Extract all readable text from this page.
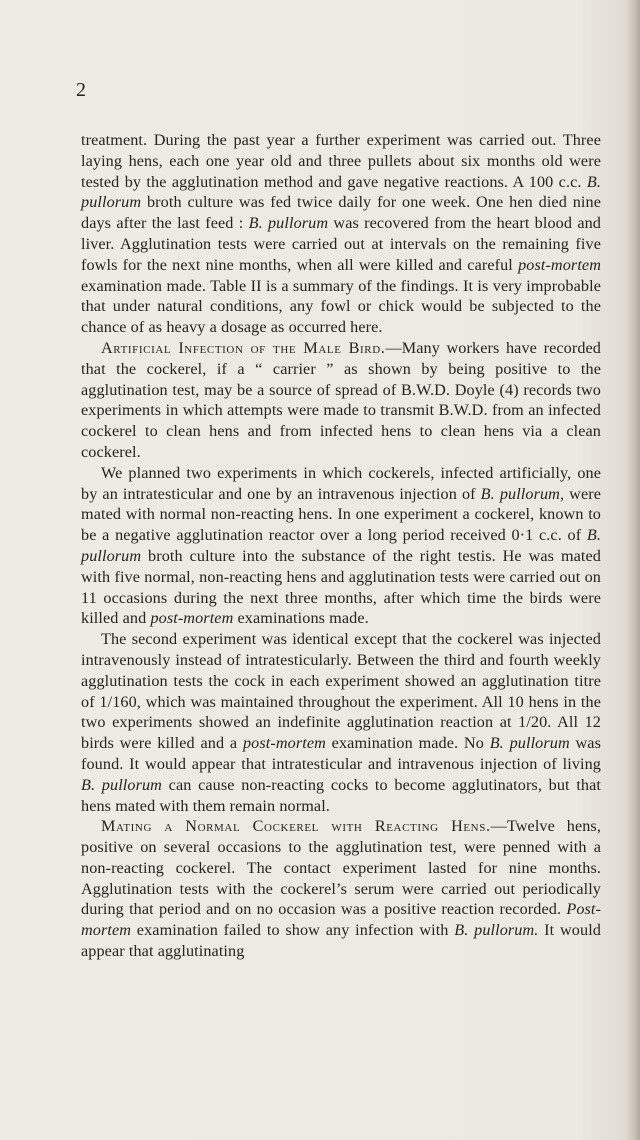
2

treatment. During the past year a further experiment was carried out. Three laying hens, each one year old and three pullets about six months old were tested by the agglutination method and gave negative reactions. A 100 c.c. B. pullorum broth culture was fed twice daily for one week. One hen died nine days after the last feed : B. pullorum was recovered from the heart blood and liver. Agglutination tests were carried out at intervals on the remaining five fowls for the next nine months, when all were killed and careful post-mortem examination made. Table II is a summary of the findings. It is very improbable that under natural conditions, any fowl or chick would be subjected to the chance of as heavy a dosage as occurred here.

Artificial Infection of the Male Bird.—Many workers have recorded that the cockerel, if a “ carrier ” as shown by being positive to the agglutination test, may be a source of spread of B.W.D. Doyle (4) records two experiments in which attempts were made to transmit B.W.D. from an infected cockerel to clean hens and from infected hens to clean hens via a clean cockerel.

We planned two experiments in which cockerels, infected artificially, one by an intratesticular and one by an intravenous injection of B. pullorum, were mated with normal non-reacting hens. In one experiment a cockerel, known to be a negative agglutination reactor over a long period received 0·1 c.c. of B. pullorum broth culture into the substance of the right testis. He was mated with five normal, non-reacting hens and agglutination tests were carried out on 11 occasions during the next three months, after which time the birds were killed and post-mortem examinations made.

The second experiment was identical except that the cockerel was injected intravenously instead of intratesticularly. Between the third and fourth weekly agglutination tests the cock in each experiment showed an agglutination titre of 1/160, which was maintained throughout the experiment. All 10 hens in the two experiments showed an indefinite agglutination reaction at 1/20. All 12 birds were killed and a post-mortem examination made. No B. pullorum was found. It would appear that intratesticular and intravenous injection of living B. pullorum can cause non-reacting cocks to become agglutinators, but that hens mated with them remain normal.

Mating a Normal Cockerel with Reacting Hens.—Twelve hens, positive on several occasions to the agglutination test, were penned with a non-reacting cockerel. The contact experiment lasted for nine months. Agglutination tests with the cockerel’s serum were carried out periodically during that period and on no occasion was a positive reaction recorded. Post-mortem examination failed to show any infection with B. pullorum. It would appear that agglutinating
